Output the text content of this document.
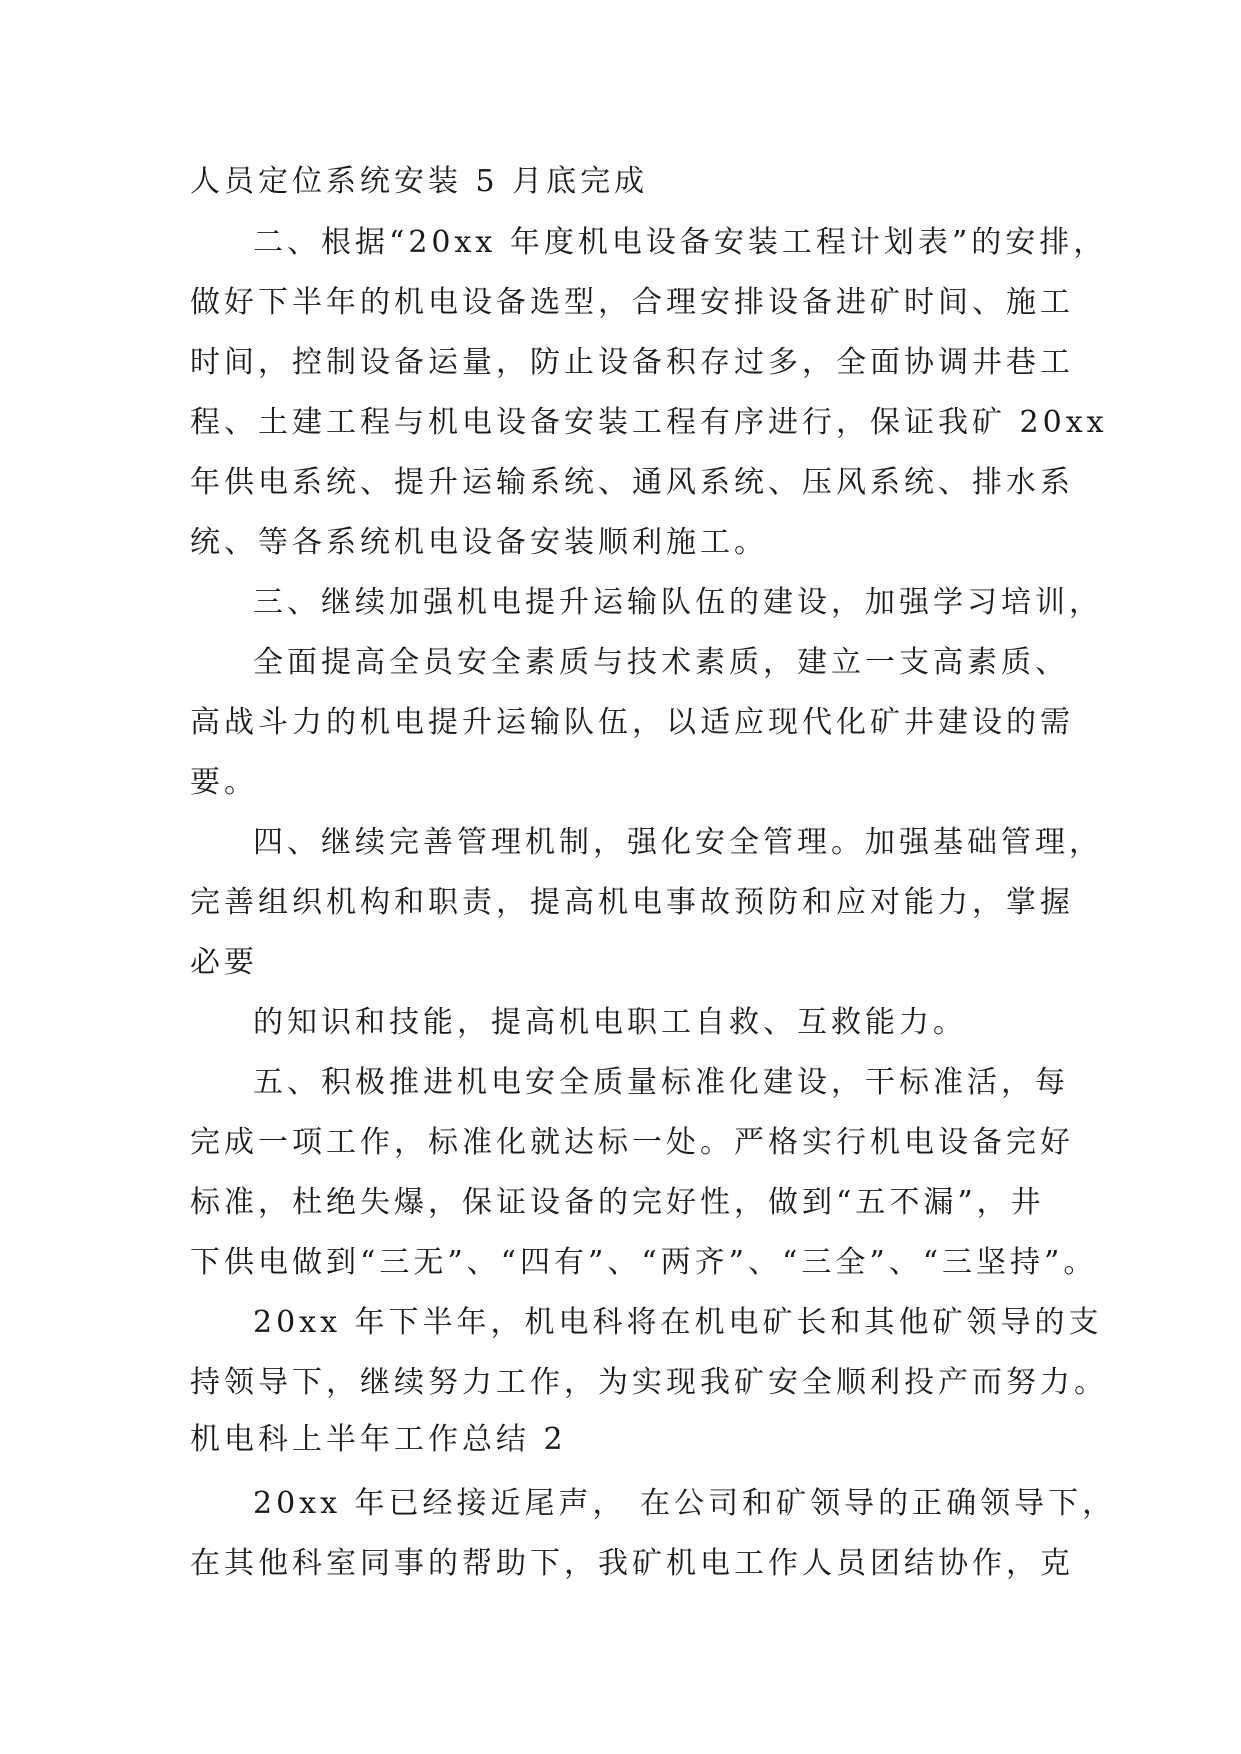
人员定位系统安装 5 月底完成

二、根据“20xx 年度机电设备安装工程计划表”的安排，

做好下半年的机电设备选型，合理安排设备进矿时间、施工

时间，控制设备运量，防止设备积存过多，全面协调井巷工

程、土建工程与机电设备安装工程有序进行，保证我矿 20xx

年供电系统、提升运输系统、通风系统、压风系统、排水系

统、等各系统机电设备安装顺利施工。

三、继续加强机电提升运输队伍的建设，加强学习培训，

全面提高全员安全素质与技术素质，建立一支高素质、

高战斗力的机电提升运输队伍，以适应现代化矿井建设的需

要。

四、继续完善管理机制，强化安全管理。加强基础管理，

完善组织机构和职责，提高机电事故预防和应对能力，掌握

必要

的知识和技能，提高机电职工自救、互救能力。

五、积极推进机电安全质量标准化建设，干标准活，每

完成一项工作，标准化就达标一处。严格实行机电设备完好

标准，杜绝失爆，保证设备的完好性，做到“五不漏”，井

下供电做到“三无”、“四有”、“两齐”、“三全”、“三坚持”。

20xx 年下半年，机电科将在机电矿长和其他矿领导的支

持领导下，继续努力工作，为实现我矿安全顺利投产而努力。

机电科上半年工作总结 2

20xx 年已经接近尾声， 在公司和矿领导的正确领导下，

在其他科室同事的帮助下，我矿机电工作人员团结协作，克
